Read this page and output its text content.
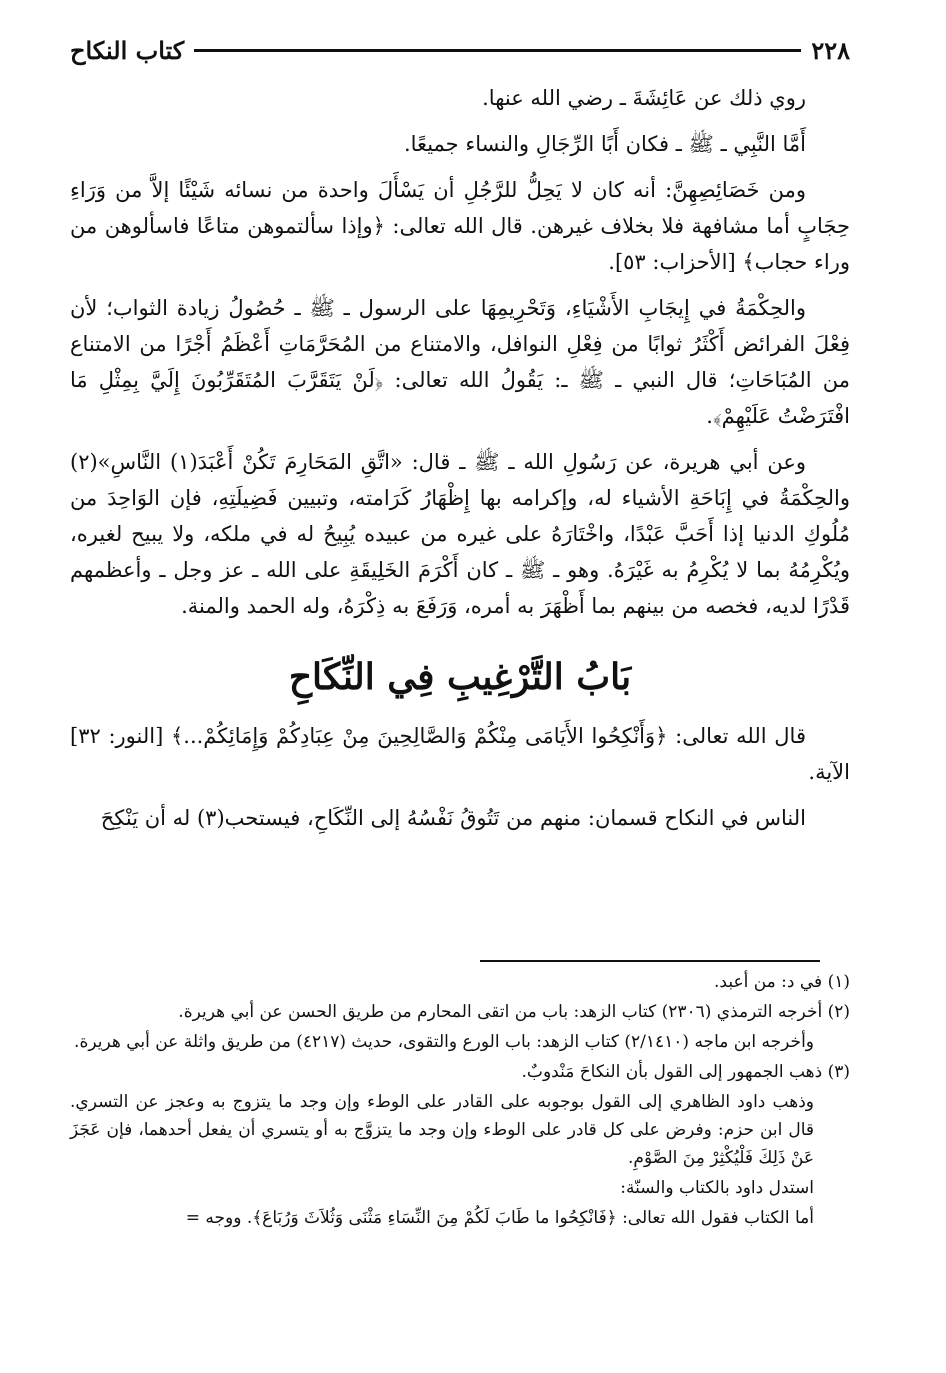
٢٢٨
كتاب النكاح

روي ذلك عن عَائِشَةَ ـ رضي الله عنها.

أَمَّا النَّبِي ـ ﷺ ـ فكان أَبًا الرِّجَالِ والنساء جميعًا.

ومن خَصَائِصِهِنَّ: أنه كان لا يَحِلُّ للرَّجُلِ أن يَسْأَلَ واحدة من نسائه شَيْئًا إلاَّ من وَرَاءِ حِجَابٍ أما مشافهة فلا بخلاف غيرهن. قال الله تعالى: ﴿وإذا سألتموهن متاعًا فاسألوهن من وراء حجاب﴾ [الأحزاب: ٥٣].

والحِكْمَةُ في إِيجَابِ الأَشْيَاءِ، وَتَحْرِيمِهَا على الرسول ـ ﷺ ـ حُصُولُ زيادة الثواب؛ لأن فِعْلَ الفرائض أَكْثَرُ ثوابًا من فِعْلِ النوافل، والامتناع من المُحَرَّمَاتِ أَعْظَمُ أَجْرًا من الامتناع من المُبَاحَاتِ؛ قال النبي ـ ﷺ ـ: يَقُولُ الله تعالى: ﴿لَنْ يَتَقَرَّبَ المُتَقَرِّبُونَ إِلَيَّ بِمِثْلِ مَا افْتَرَضْتُ عَلَيْهِمْ﴾.

وعن أبي هريرة، عن رَسُولِ الله ـ ﷺ ـ قال: «اتَّقِ المَحَارِمَ تَكُنْ أَعْبَدَ(١) النَّاسِ»(٢) والحِكْمَةُ في إِبَاحَةِ الأشياء له، وإكرامه بها إِظْهَارُ كَرَامته، وتبيين فَضِيلَتِهِ، فإن الوَاحِدَ من مُلُوكِ الدنيا إذا أَحَبَّ عَبْدًا، واخْتَارَهُ على غيره من عبيده يُبِيحُ له في ملكه، ولا يبيح لغيره، ويُكْرِمُهُ بما لا يُكْرِمُ به غَيْرَهُ. وهو ـ ﷺ ـ كان أَكْرَمَ الخَلِيقَةِ على الله ـ عز وجل ـ وأعظمهم قَدْرًا لديه، فخصه من بينهم بما أَظْهَرَ به أمره، وَرَفَعَ به ذِكْرَهُ، وله الحمد والمنة.

بَابُ التَّرْغِيبِ فِي النِّكَاحِ

قال الله تعالى: ﴿وَأَنْكِحُوا الأَيَامَى مِنْكُمْ وَالصَّالِحِينَ مِنْ عِبَادِكُمْ وَإِمَائِكُمْ...﴾ [النور: ٣٢] الآية.

الناس في النكاح قسمان: منهم من تَتُوقُ نَفْسُهُ إلى النِّكَاحِ، فيستحب(٣) له أن يَنْكِحَ

(١) في د: من أعبد.

(٢) أخرجه الترمذي (٢٣٠٦) كتاب الزهد: باب من اتقى المحارم من طريق الحسن عن أبي هريرة.

وأخرجه ابن ماجه (٢/١٤١٠) كتاب الزهد: باب الورع والتقوى، حديث (٤٢١٧) من طريق واثلة عن أبي هريرة.

(٣) ذهب الجمهور إلى القول بأن النكاحَ مَنْدوبٌ.

وذهب داود الظاهري إلى القول بوجوبه على القادر على الوطء وإن وجد ما يتزوج به وعجز عن التسري. قال ابن حزم: وفرض على كل قادر على الوطء وإن وجد ما يتزوَّج به أو يتسري أن يفعل أحدهما، فإن عَجَزَ عَنْ ذَلِكَ فَلْيُكْثِرْ مِنَ الصَّوْمِ.

استدل داود بالكتاب والسنّة:

أما الكتاب فقول الله تعالى: ﴿فَانْكِحُوا ما طَابَ لَكُمْ مِنَ النِّسَاءِ مَثْنَى وَثُلاَثَ وَرُبَاعَ﴾. ووجه =
